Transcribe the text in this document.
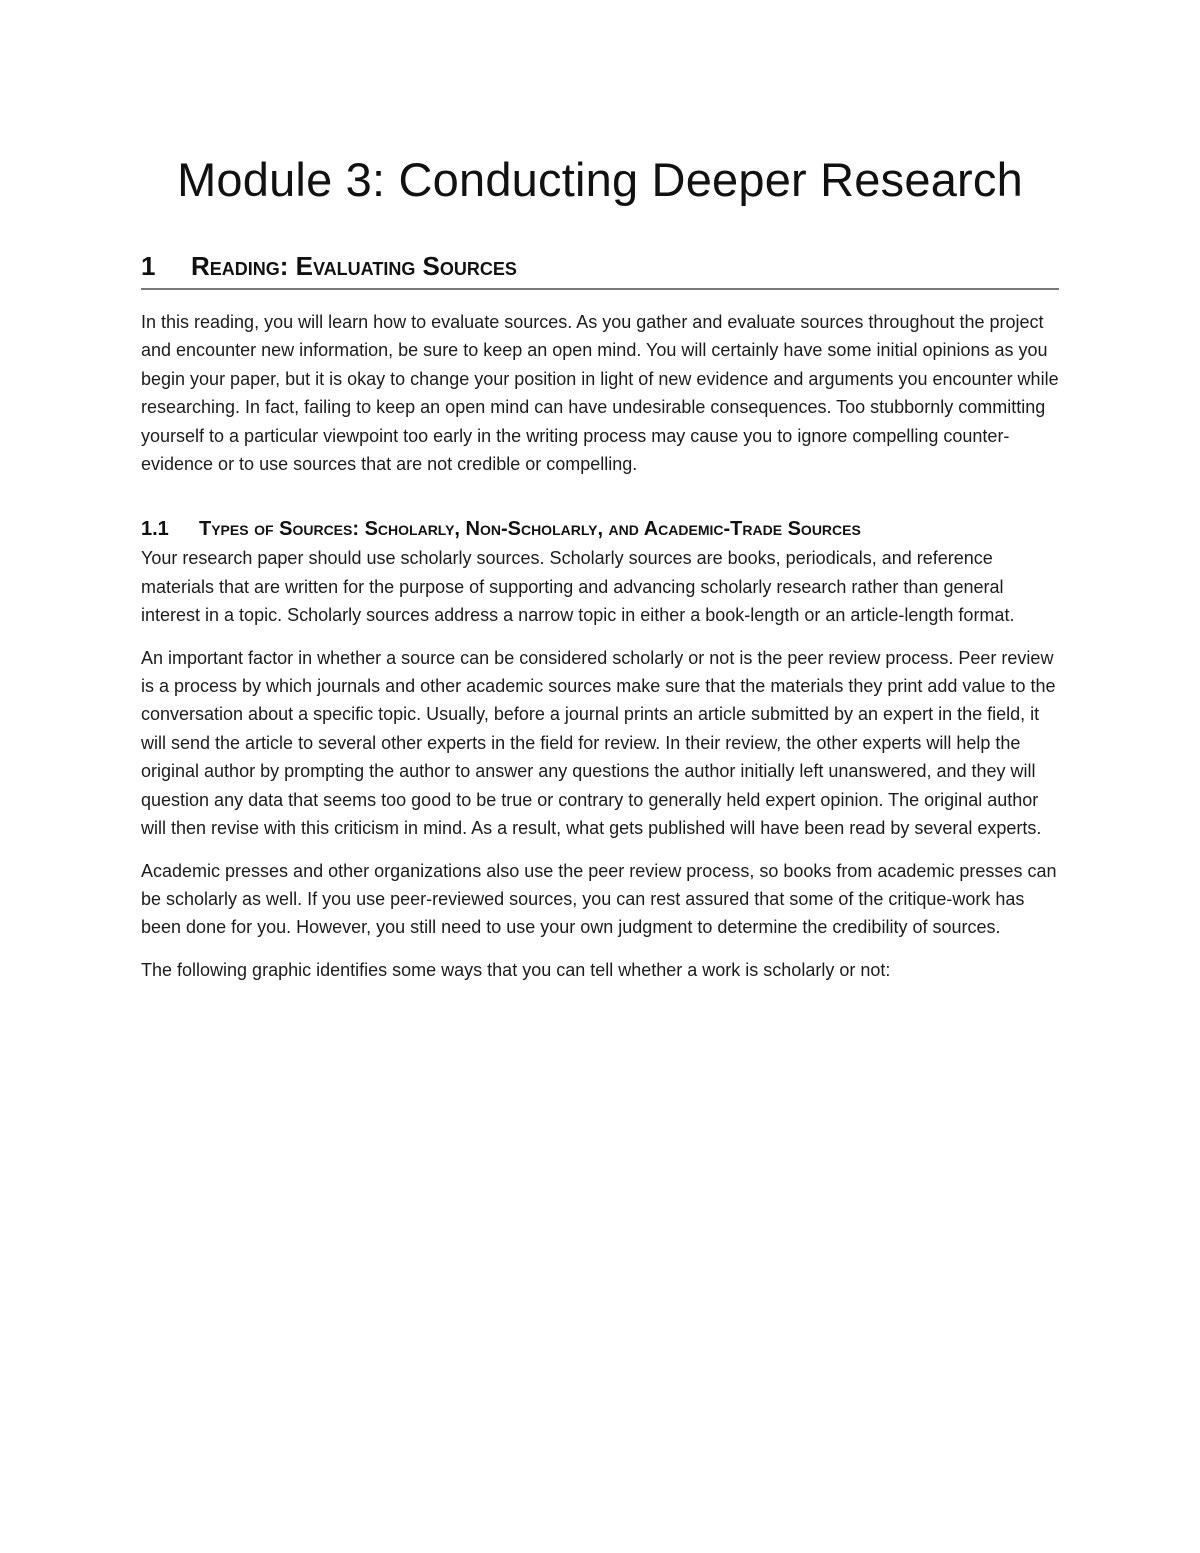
Module 3: Conducting Deeper Research
1	Reading: Evaluating Sources

In this reading, you will learn how to evaluate sources. As you gather and evaluate sources throughout the project and encounter new information, be sure to keep an open mind. You will certainly have some initial opinions as you begin your paper, but it is okay to change your position in light of new evidence and arguments you encounter while researching. In fact, failing to keep an open mind can have undesirable consequences. Too stubbornly committing yourself to a particular viewpoint too early in the writing process may cause you to ignore compelling counter-evidence or to use sources that are not credible or compelling.

1.1	Types of Sources: Scholarly, Non-Scholarly, and Academic-Trade Sources

Your research paper should use scholarly sources. Scholarly sources are books, periodicals, and reference materials that are written for the purpose of supporting and advancing scholarly research rather than general interest in a topic. Scholarly sources address a narrow topic in either a book-length or an article-length format.

An important factor in whether a source can be considered scholarly or not is the peer review process. Peer review is a process by which journals and other academic sources make sure that the materials they print add value to the conversation about a specific topic. Usually, before a journal prints an article submitted by an expert in the field, it will send the article to several other experts in the field for review. In their review, the other experts will help the original author by prompting the author to answer any questions the author initially left unanswered, and they will question any data that seems too good to be true or contrary to generally held expert opinion. The original author will then revise with this criticism in mind. As a result, what gets published will have been read by several experts.

Academic presses and other organizations also use the peer review process, so books from academic presses can be scholarly as well. If you use peer-reviewed sources, you can rest assured that some of the critique-work has been done for you. However, you still need to use your own judgment to determine the credibility of sources.

The following graphic identifies some ways that you can tell whether a work is scholarly or not:
